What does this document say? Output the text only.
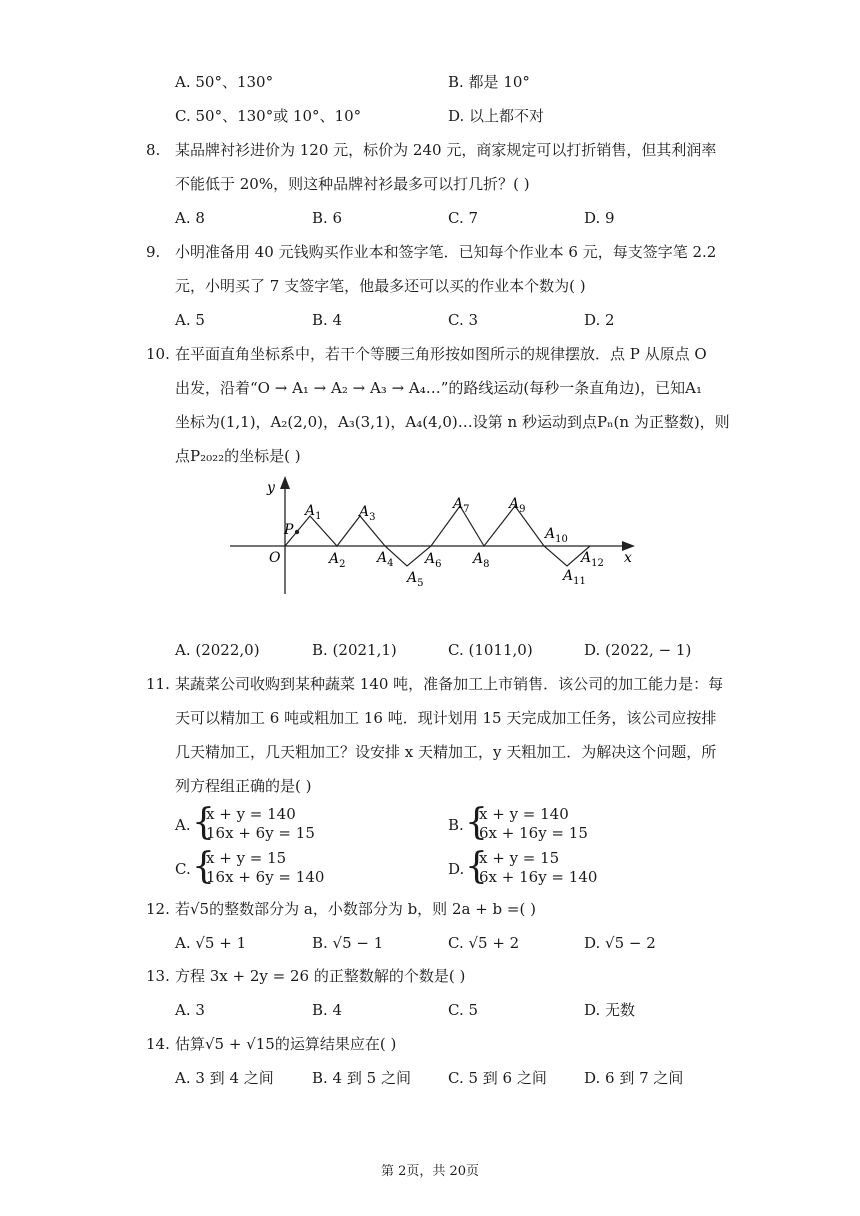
A. 50°、130°	B. 都是 10°
C. 50°、130°或 10°、10°	D. 以上都不对
8. 某品牌衬衫进价为 120 元，标价为 240 元，商家规定可以打折销售，但其利润率
不能低于 20%，则这种品牌衬衫最多可以打几折？( )
A. 8	B. 6	C. 7	D. 9
9. 小明准备用 40 元钱购买作业本和签字笔．已知每个作业本 6 元，每支签字笔 2.2
元，小明买了 7 支签字笔，他最多还可以买的作业本个数为( )
A. 5	B. 4	C. 3	D. 2
10. 在平面直角坐标系中，若干个等腰三角形按如图所示的规律摆放．点 P 从原点 O
出发，沿着“O → A₁ → A₂ → A₃ → A₄…”的路线运动(每秒一条直角边)，已知A₁
坐标为(1,1)，A₂(2,0)，A₃(3,1)，A₄(4,0)…设第 n 秒运动到点Pₙ(n 为正整数)，则
点P₂₀₂₂的坐标是( )
y
O
P
x
$A_1$
$A_2$
$A_3$
$A_4$
$A_5$
$A_6$
$A_7$
$A_8$
$A_9$
$A_{10}$
$A_{11}$
$A_{12}$
A. (2022,0)	B. (2021,1)	C. (1011,0)	D. (2022, − 1)
11. 某蔬菜公司收购到某种蔬菜 140 吨，准备加工上市销售．该公司的加工能力是：每
天可以精加工 6 吨或粗加工 16 吨．现计划用 15 天完成加工任务，该公司应按排
几天精加工，几天粗加工？设安排 x 天精加工，y 天粗加工．为解决这个问题，所
列方程组正确的是( )
A. {
x + y = 140
16x + 6y = 15	B. {
x + y = 140
6x + 16y = 15
C. {
x + y = 15
16x + 6y = 140	D. {
x + y = 15
6x + 16y = 140
12. 若√5的整数部分为 a，小数部分为 b，则 2a + b =( )
A. √5 + 1	B. √5 − 1	C. √5 + 2	D. √5 − 2
13. 方程 3x + 2y = 26 的正整数解的个数是( )
A. 3	B. 4	C. 5	D. 无数
14. 估算√5 + √15的运算结果应在( )
A. 3 到 4 之间	B. 4 到 5 之间 C. 5 到 6 之间 D. 6 到 7 之间
第 2页，共 20页
